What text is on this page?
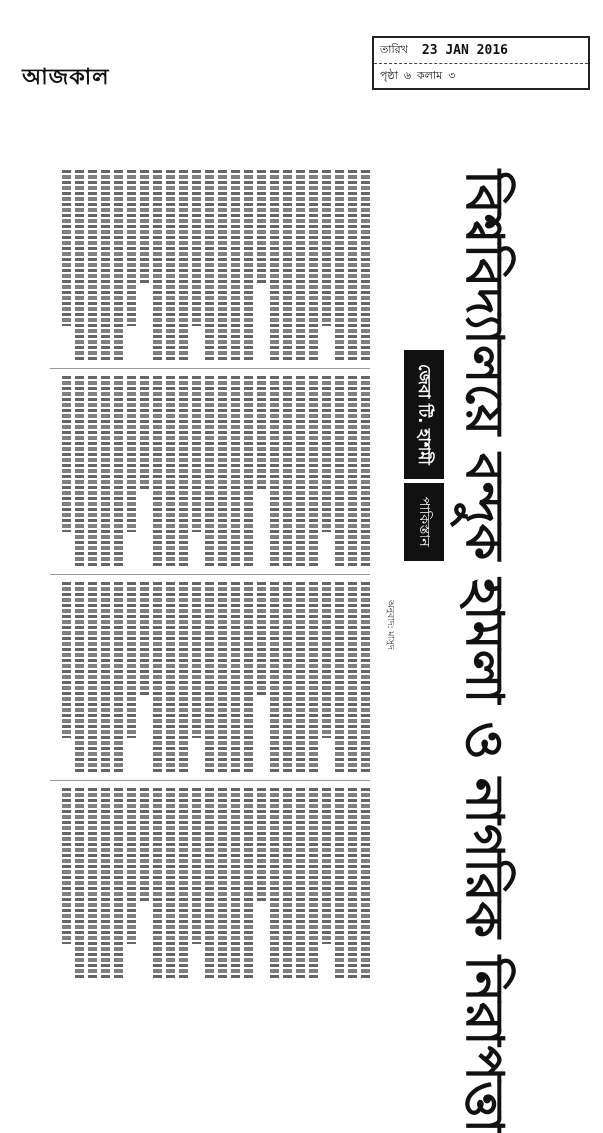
আজকাল
তারিখ 23 JAN 2016
পৃষ্ঠা ৬ কলাম ৩
বিশ্ববিদ্যালয়ে বন্দুক হামলা ও নাগরিক নিরাপত্তা
জেবা টি. হাশমী
পাকিস্তান
অনুবাদ: মাসুদ
